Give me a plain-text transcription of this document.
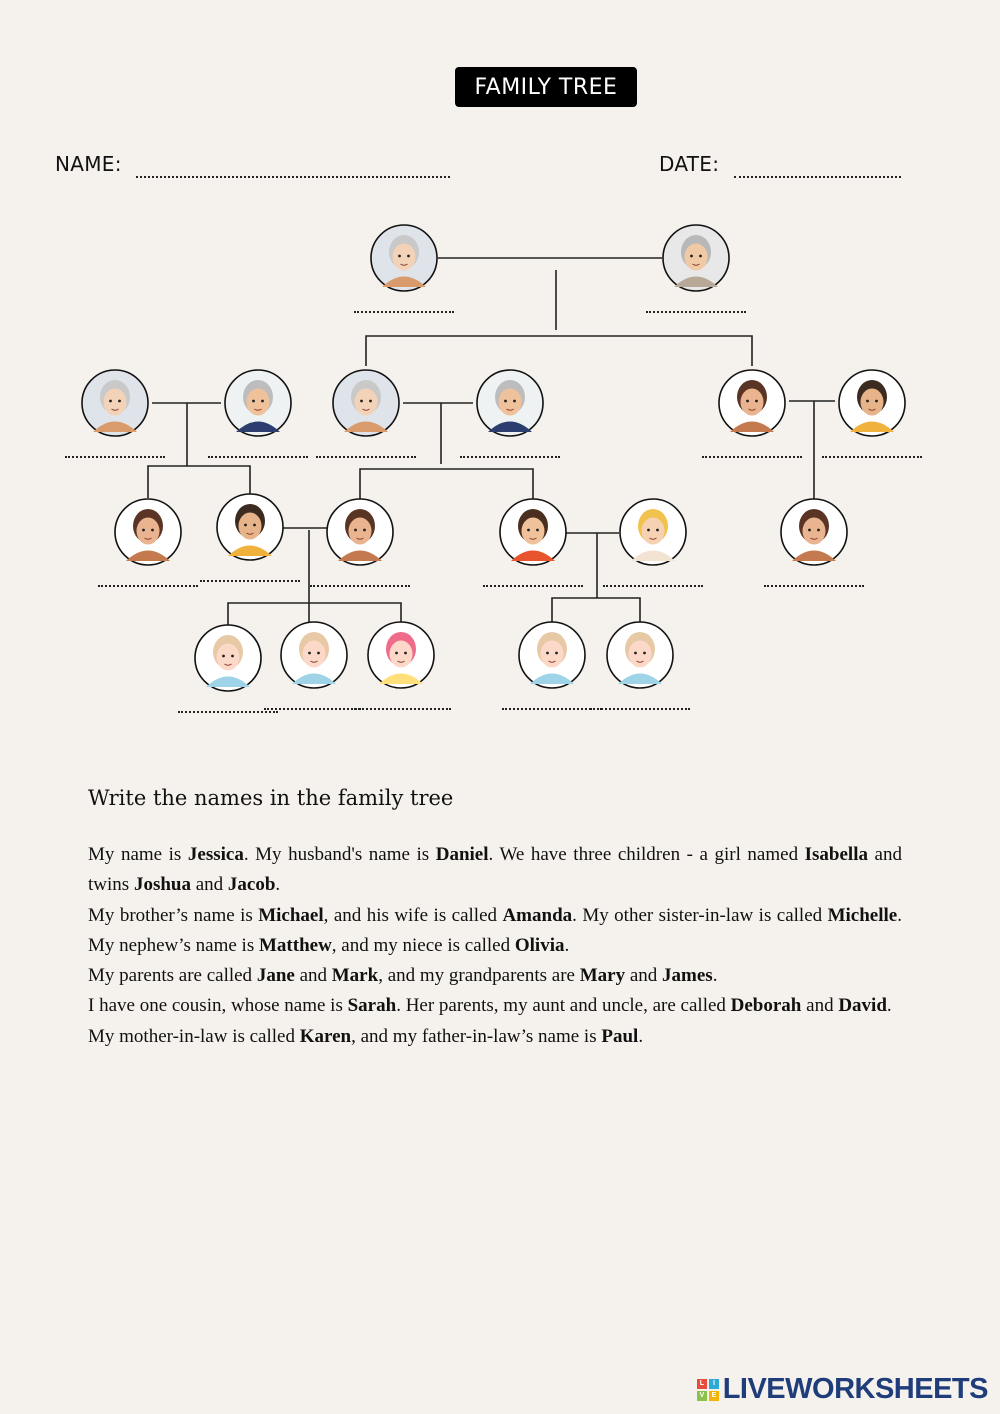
FAMILY TREE
NAME:	DATE:
Write the names in the family tree

My name is Jessica. My husband's name is Daniel. We have three children - a girl named Isabella and twins Joshua and Jacob.

My brother’s name is Michael, and his wife is called Amanda. My other sister-in-law is called Michelle. My nephew’s name is Matthew, and my niece is called Olivia.

My parents are called Jane and Mark, and my grandparents are Mary and James.

I have one cousin, whose name is Sarah. Her parents, my aunt and uncle, are called Deborah and David.

My mother-in-law is called Karen, and my father-in-law’s name is Paul.

L	I
V	E LIVEWORKSHEETS
